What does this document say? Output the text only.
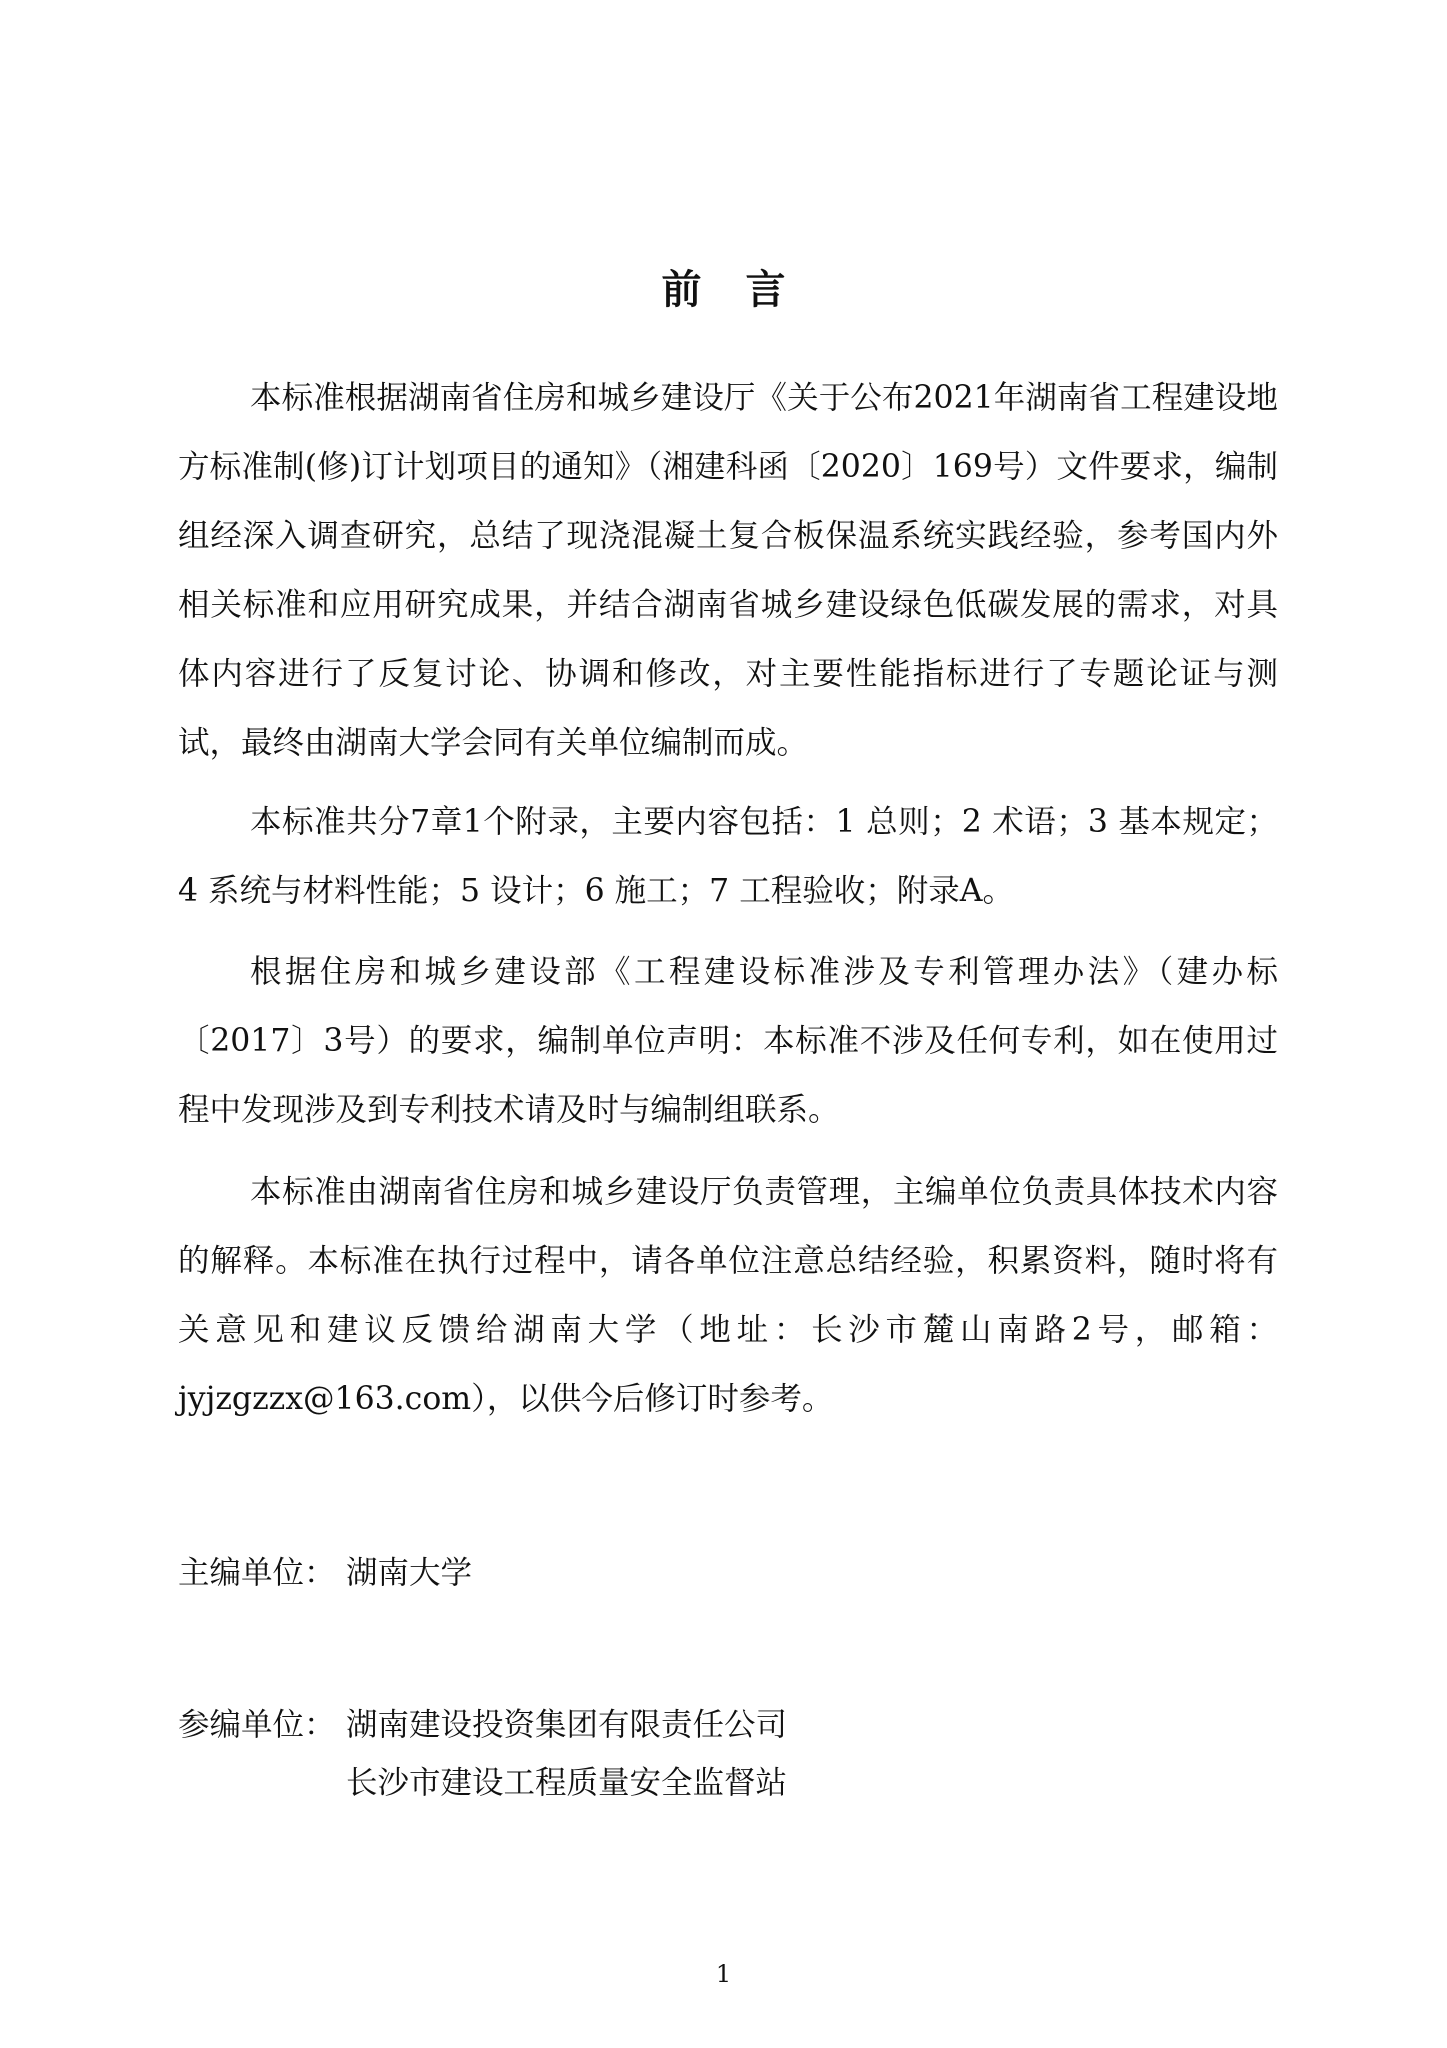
前言

本标准根据湖南省住房和城乡建设厅《关于公布2021年湖南省工程建设地方标准制(修)订计划项目的通知》（湘建科函〔2020〕169号）文件要求，编制组经深入调查研究，总结了现浇混凝土复合板保温系统实践经验，参考国内外相关标准和应用研究成果，并结合湖南省城乡建设绿色低碳发展的需求，对具体内容进行了反复讨论、协调和修改，对主要性能指标进行了专题论证与测试，最终由湖南大学会同有关单位编制而成。

本标准共分7章1个附录，主要内容包括：1 总则；2 术语；3 基本规定；4 系统与材料性能；5 设计；6 施工；7 工程验收；附录A。

根据住房和城乡建设部《工程建设标准涉及专利管理办法》（建办标〔2017〕3号）的要求，编制单位声明：本标准不涉及任何专利，如在使用过程中发现涉及到专利技术请及时与编制组联系。

本标准由湖南省住房和城乡建设厅负责管理，主编单位负责具体技术内容的解释。本标准在执行过程中，请各单位注意总结经验，积累资料，随时将有关意见和建议反馈给湖南大学（地址：长沙市麓山南路2号，邮箱：jyjzgzzx@163.com），以供今后修订时参考。

主编单位： 湖南大学
参编单位： 湖南建设投资集团有限责任公司
长沙市建设工程质量安全监督站
1
